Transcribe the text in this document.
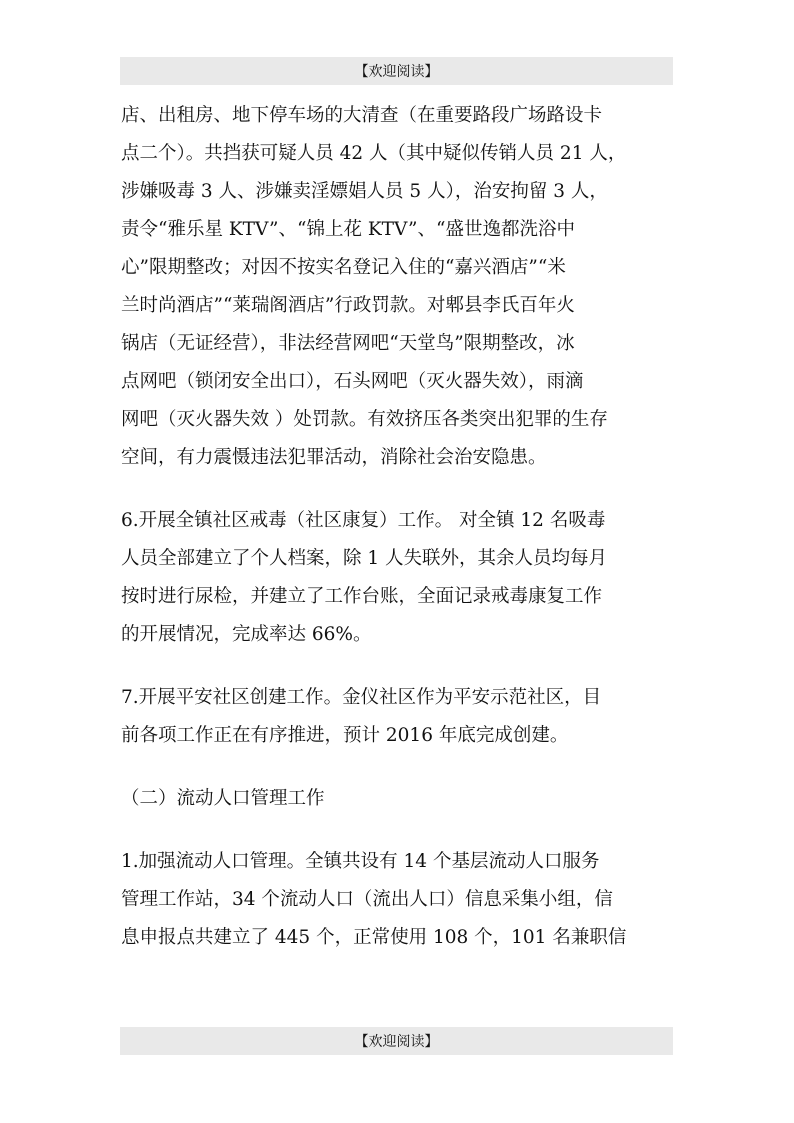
【欢迎阅读】
店、出租房、地下停车场的大清查（在重要路段广场路设卡
点二个）。共挡获可疑人员 42 人（其中疑似传销人员 21 人，
涉嫌吸毒 3 人、涉嫌卖淫嫖娼人员 5 人），治安拘留 3 人，
责令“雅乐星 KTV”、“锦上花 KTV”、“盛世逸都洗浴中
心”限期整改；对因不按实名登记入住的“嘉兴酒店”“米
兰时尚酒店”“莱瑞阁酒店”行政罚款。对郫县李氏百年火
锅店（无证经营），非法经营网吧“天堂鸟”限期整改，冰
点网吧（锁闭安全出口），石头网吧（灭火器失效），雨滴
网吧（灭火器失效 ）处罚款。有效挤压各类突出犯罪的生存
空间，有力震慑违法犯罪活动，消除社会治安隐患。
6.开展全镇社区戒毒（社区康复）工作。 对全镇 12 名吸毒
人员全部建立了个人档案，除 1 人失联外，其余人员均每月
按时进行尿检，并建立了工作台账，全面记录戒毒康复工作
的开展情况，完成率达 66%。
7.开展平安社区创建工作。金仪社区作为平安示范社区，目
前各项工作正在有序推进，预计 2016 年底完成创建。
（二）流动人口管理工作
1.加强流动人口管理。全镇共设有 14 个基层流动人口服务
管理工作站，34 个流动人口（流出人口）信息采集小组，信
息申报点共建立了 445 个，正常使用 108 个，101 名兼职信
【欢迎阅读】
